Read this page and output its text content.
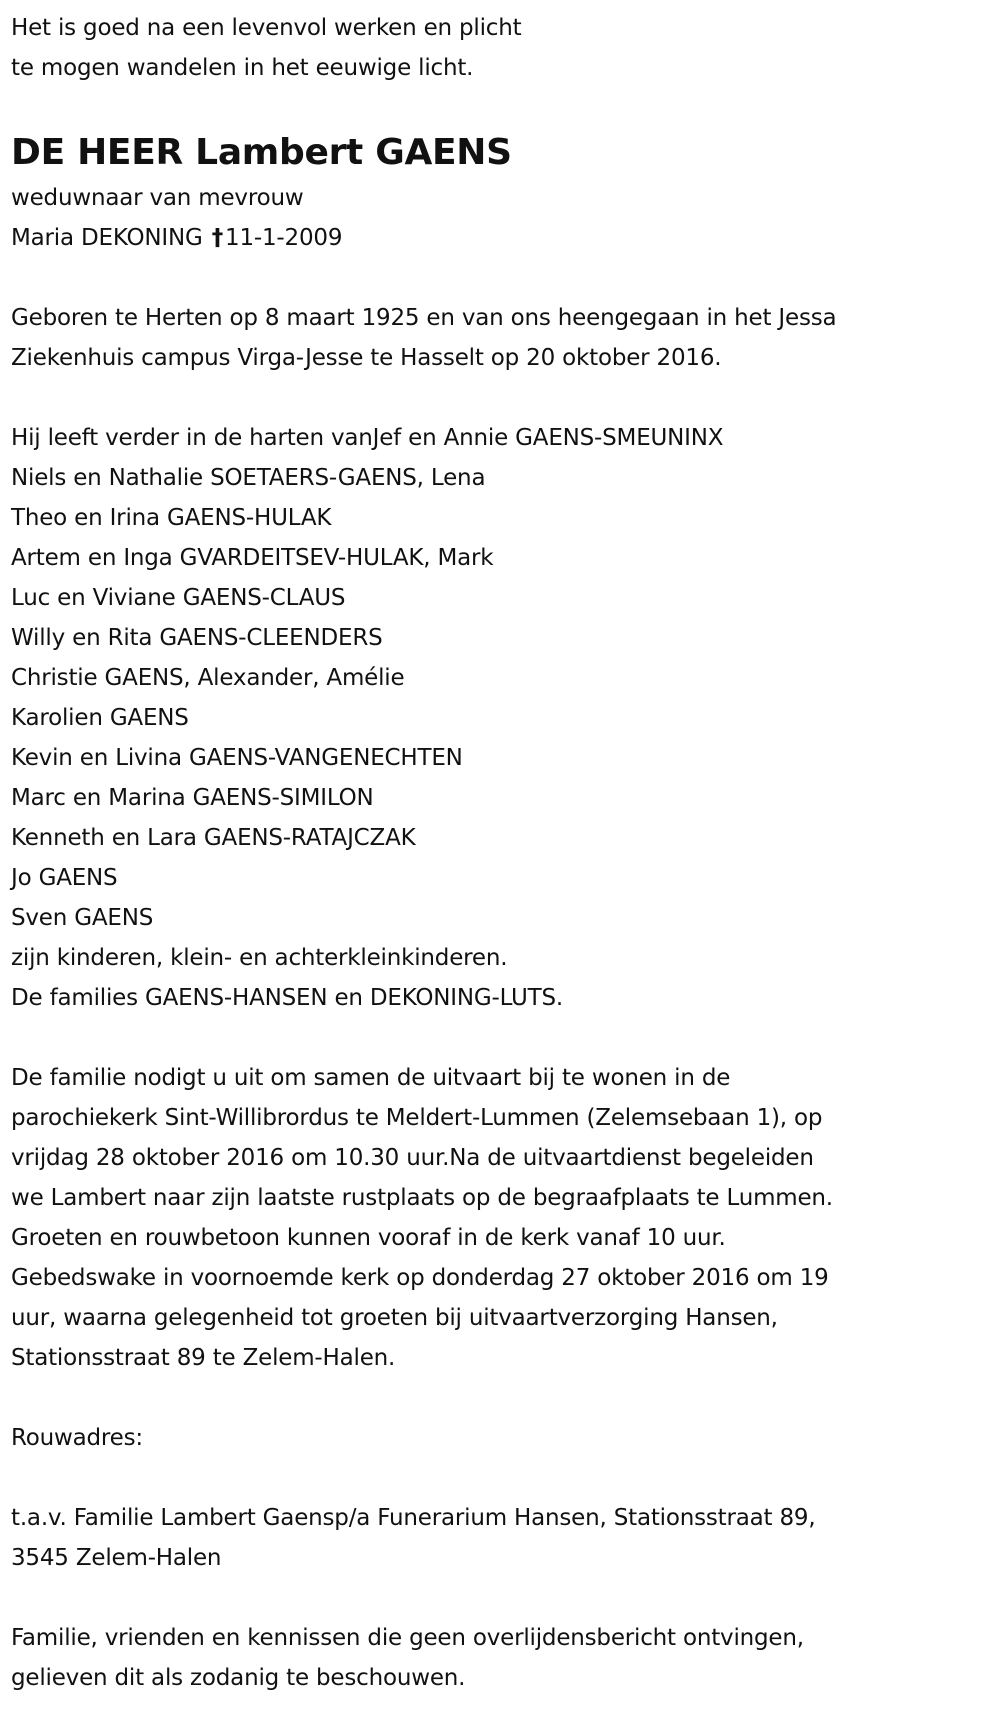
Het is goed na een levenvol werken en plicht
te mogen wandelen in het eeuwige licht.
DE HEER Lambert GAENS
weduwnaar van mevrouw
Maria DEKONING †11-1-2009
Geboren te Herten op 8 maart 1925 en van ons heengegaan in het Jessa
Ziekenhuis campus Virga-Jesse te Hasselt op 20 oktober 2016.
Hij leeft verder in de harten vanJef en Annie GAENS-SMEUNINX
Niels en Nathalie SOETAERS-GAENS, Lena
Theo en Irina GAENS-HULAK
Artem en Inga GVARDEITSEV-HULAK, Mark
Luc en Viviane GAENS-CLAUS
Willy en Rita GAENS-CLEENDERS
Christie GAENS, Alexander, Amélie
Karolien GAENS
Kevin en Livina GAENS-VANGENECHTEN
Marc en Marina GAENS-SIMILON
Kenneth en Lara GAENS-RATAJCZAK
Jo GAENS
Sven GAENS
zijn kinderen, klein- en achterkleinkinderen.
De families GAENS-HANSEN en DEKONING-LUTS.
De familie nodigt u uit om samen de uitvaart bij te wonen in de
parochiekerk Sint-Willibrordus te Meldert-Lummen (Zelemsebaan 1), op
vrijdag 28 oktober 2016 om 10.30 uur.Na de uitvaartdienst begeleiden
we Lambert naar zijn laatste rustplaats op de begraafplaats te Lummen.
Groeten en rouwbetoon kunnen vooraf in de kerk vanaf 10 uur.
Gebedswake in voornoemde kerk op donderdag 27 oktober 2016 om 19
uur, waarna gelegenheid tot groeten bij uitvaartverzorging Hansen,
Stationsstraat 89 te Zelem-Halen.
Rouwadres:
t.a.v. Familie Lambert Gaensp/a Funerarium Hansen, Stationsstraat 89,
3545 Zelem-Halen
Familie, vrienden en kennissen die geen overlijdensbericht ontvingen,
gelieven dit als zodanig te beschouwen.
